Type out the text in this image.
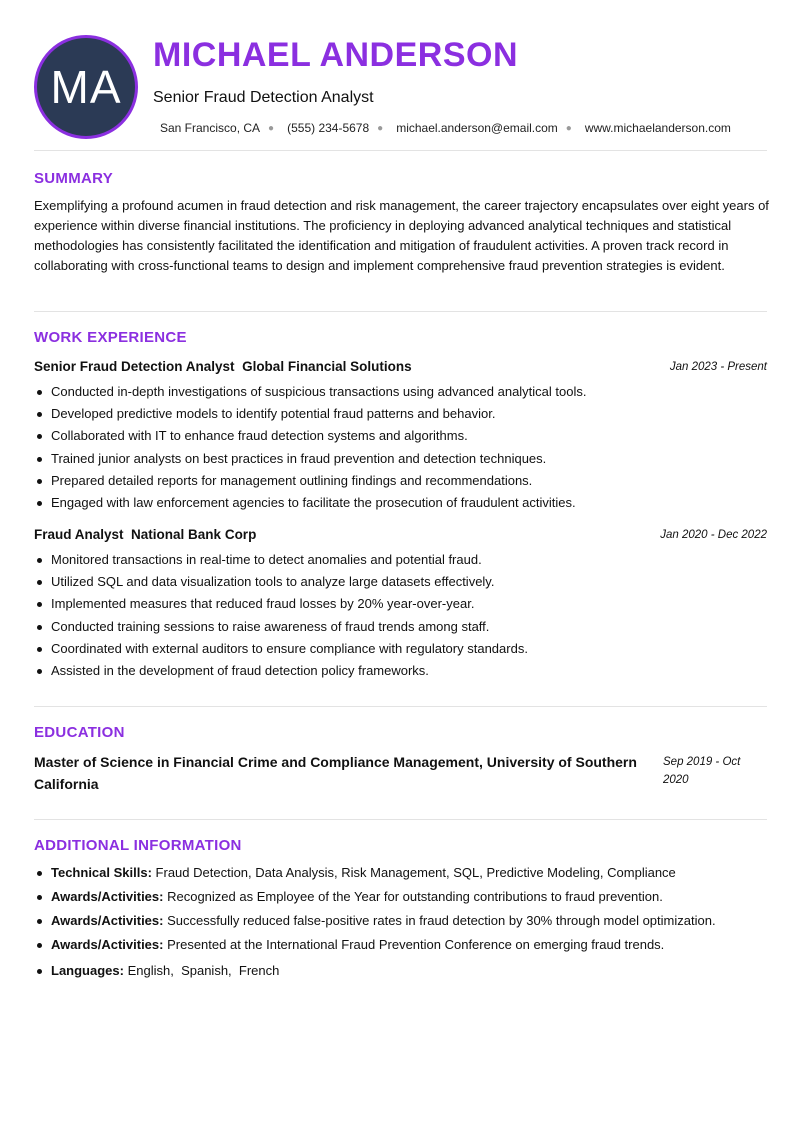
MA
MICHAEL ANDERSON
Senior Fraud Detection Analyst
San Francisco, CA ● (555) 234-5678 ● michael.anderson@email.com ● www.michaelanderson.com
SUMMARY

Exemplifying a profound acumen in fraud detection and risk management, the career trajectory encapsulates over eight years of experience within diverse financial institutions. The proficiency in deploying advanced analytical techniques and statistical methodologies has consistently facilitated the identification and mitigation of fraudulent activities. A proven track record in collaborating with cross-functional teams to design and implement comprehensive fraud prevention strategies is evident.

WORK EXPERIENCE
Senior Fraud Detection Analyst Global Financial Solutions	Jan 2023 - Present
Conducted in-depth investigations of suspicious transactions using advanced analytical tools.
Developed predictive models to identify potential fraud patterns and behavior.
Collaborated with IT to enhance fraud detection systems and algorithms.
Trained junior analysts on best practices in fraud prevention and detection techniques.
Prepared detailed reports for management outlining findings and recommendations.
Engaged with law enforcement agencies to facilitate the prosecution of fraudulent activities.
Fraud Analyst National Bank Corp	Jan 2020 - Dec 2022
Monitored transactions in real-time to detect anomalies and potential fraud.
Utilized SQL and data visualization tools to analyze large datasets effectively.
Implemented measures that reduced fraud losses by 20% year-over-year.
Conducted training sessions to raise awareness of fraud trends among staff.
Coordinated with external auditors to ensure compliance with regulatory standards.
Assisted in the development of fraud detection policy frameworks.
EDUCATION
Master of Science in Financial Crime and Compliance Management, University of Southern California
Sep 2019 - Oct 2020
ADDITIONAL INFORMATION
Technical Skills: Fraud Detection, Data Analysis, Risk Management, SQL, Predictive Modeling, Compliance
Awards/Activities: Recognized as Employee of the Year for outstanding contributions to fraud prevention.
Awards/Activities: Successfully reduced false-positive rates in fraud detection by 30% through model optimization.
Awards/Activities: Presented at the International Fraud Prevention Conference on emerging fraud trends.
Languages: English,  Spanish,  French
